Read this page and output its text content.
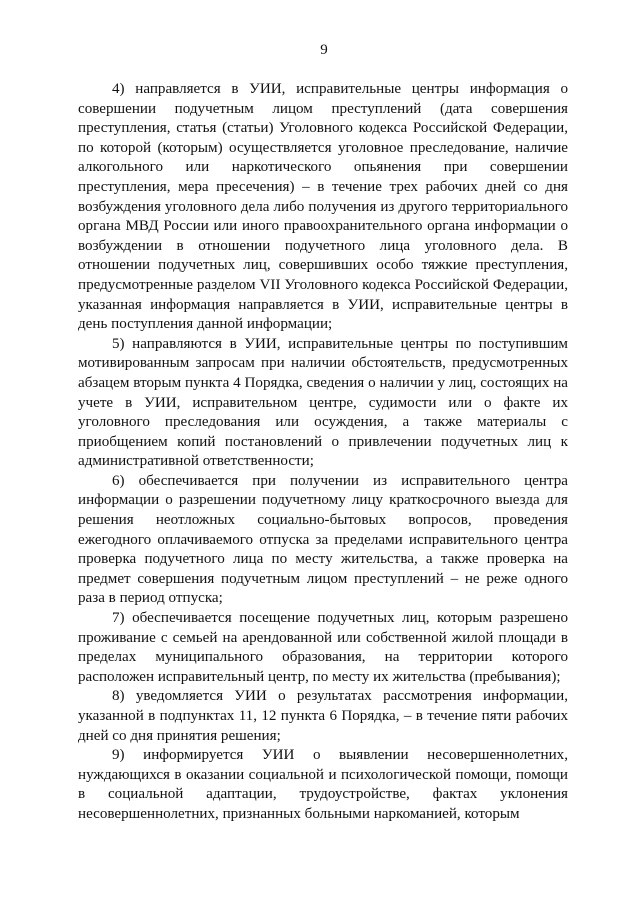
9

4) направляется в УИИ, исправительные центры информация о совершении подучетным лицом преступлений (дата совершения преступления, статья (статьи) Уголовного кодекса Российской Федерации, по которой (которым) осуществляется уголовное преследование, наличие алкогольного или наркотического опьянения при совершении преступления, мера пресечения) – в течение трех рабочих дней со дня возбуждения уголовного дела либо получения из другого территориального органа МВД России или иного правоохранительного органа информации о возбуждении в отношении подучетного лица уголовного дела. В отношении подучетных лиц, совершивших особо тяжкие преступления, предусмотренные разделом VII Уголовного кодекса Российской Федерации, указанная информация направляется в УИИ, исправительные центры в день поступления данной информации;

5) направляются в УИИ, исправительные центры по поступившим мотивированным запросам при наличии обстоятельств, предусмотренных абзацем вторым пункта 4 Порядка, сведения о наличии у лиц, состоящих на учете в УИИ, исправительном центре, судимости или о факте их уголовного преследования или осуждения, а также материалы с приобщением копий постановлений о привлечении подучетных лиц к административной ответственности;

6) обеспечивается при получении из исправительного центра информации о разрешении подучетному лицу краткосрочного выезда для решения неотложных социально-бытовых вопросов, проведения ежегодного оплачиваемого отпуска за пределами исправительного центра проверка подучетного лица по месту жительства, а также проверка на предмет совершения подучетным лицом преступлений – не реже одного раза в период отпуска;

7) обеспечивается посещение подучетных лиц, которым разрешено проживание с семьей на арендованной или собственной жилой площади в пределах муниципального образования, на территории которого расположен исправительный центр, по месту их жительства (пребывания);

8) уведомляется УИИ о результатах рассмотрения информации, указанной в подпунктах 11, 12 пункта 6 Порядка, – в течение пяти рабочих дней со дня принятия решения;

9) информируется УИИ о выявлении несовершеннолетних, нуждающихся в оказании социальной и психологической помощи, помощи в социальной адаптации, трудоустройстве, фактах уклонения несовершеннолетних, признанных больными наркоманией, которым
